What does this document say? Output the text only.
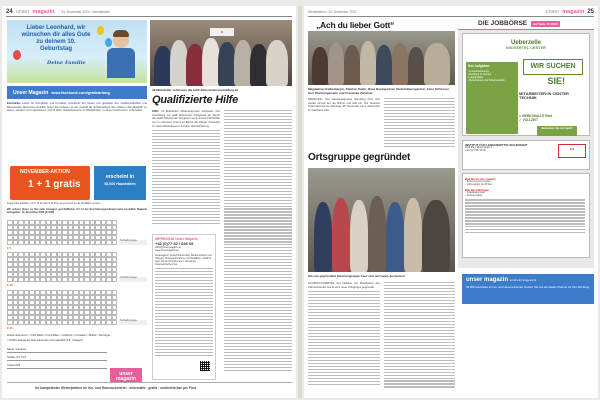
24 unser magazin 24. November 2023 • Wendelstein
Lieber Leonhard, wir wünschen dir alles Gute zu deinem 10. Geburtstag
Deine Familie
Unser Magazin www.facebook.com/gratisartung
★
39 Mitarbeiter schlossen die HAB Abiturientenausbildung ab
Qualifizierte Hilfe
RIED. 19 Mitarbeiter Mitarbeiterinnen schlossen ihre Ausbildung zur HAB Abiturientin erfolgreich ab. Durch das HAB Abiturienten-Programm sind unsere Fachkräfte nun in mehreren Teams im Dienst der Pflege. Klassisch im Gesundheitswesen mit hoher Wertschätzung.
Eindrücke. Letzte für Schnäffeln und Kontakte. Glückwürf Wir freuen uns gewissen den Geldbeuteltreffen und Belastenden Menschen Einblick hinter die Kulissen ist die Geduld als Schlüsselfigur der erfahren Sie Alltäglich im Raum, sondern und organisieren. Grund dazu. Wiederbesuchs zu Wiederholen, in einem bestimmten, Lebenslauf.
NOVEMBER-AKTION
1 + 1 gratis
erscheint in
53.000 Haushalten
Kupon bitte ausfüllen, mit € 10,00 oder € 15,00 in einen Kuvert an die Redaktion senden
Wir sichern Ihnen zu: Bei zehn Anzeigen geschäftlicher Art ist der Erscheinungszeitraum beim bestellten Magazin anzugeben: 14. November 2023 (24 KW)
Textfeld Anzeige
€ 5
Textfeld Anzeige
€ 10
Textfeld Anzeige
€ 15
Rubrik ankreuzen: □ KFZ-Markt □ Immobilien □ Jobbörse □ Kontakte □ Möbel □ Sonstiges
□ Chiffre-Kategorien bitte ankreuzen und zusätzlich € 8,- beilegen!
Name, Vorname
Straße, Ort, PLZ
Unterschrift
unser
magazin
IMPRESSUM Unser Magazin
+43 (0)77 52 / 836 65
office@unsermagazin.at
www.unsermagazin.at
Herausgeber: Zeitschriftenverlag, Medieninhaber und Verleger. Anzeigenannahme und Redaktion. Grafik & Satz. Druck: Druckzentrum. Verteilung: Österreichische Post.
Ihr kompetenter Werbepartner im Inn- und Hausruckviertel - informativ · gratis · unüberhörbar per Post
Wendelstein • 24. November 2023	unser magazin 25
„Ach du lieber Gott“
Magdalena Grabenberger, Dietmar Ruder, Rosa Baumgartner, Rudolf Baumgartner, Irene Schlesser, Kurt Pfannengeiseler und Franziska Zehetner
WENDLING. Die Laienspielgruppe Wendling freut sich wieder einmal auf die Bühne und lädt ein. Die Spielzeit findet diesmal von Samstag, 25. November bis 2. Dezember im Gasthaus statt.
Ortsgruppe gegründet
Die neu gegründete Seniorengruppe freut sich auf regen Austausch.
HAUSRUCKVIERTEL. Auf Initiative von Mitarbeitern des Pfarrverbandes wurde eine neue Ortsgruppe gegründet.
DIE JOBBÖRSE	auf Seite 15 RIED
Ueberzelle
INNVIERTEL CENTER
WIR SUCHEN
SIE!
Ihre Aufgaben:
• Kundenbetreuung
• Beratung im Verkauf
• Lagerlogistik
• Bestellwesen und Dokumentation
MITARBEITER:IN CENTER TECHNIK
● WERKSHALLE Ried
✓ VOLLZEIT
Bewerben Sie sich jetzt!
INSTITUT FÜR LEBENSMITTELSICHERHEIT
4910 Ried, Musterstraße 1
+43 (0)77 52 / 55 66	ILS
Was Sie bei uns erwartet
– Betreuung von Kunden
– Vorbereitung von Proben
Was Sie mitbringen
– Qualitätskontrolle
– Dokumentation
unser magazin erscheint insgesamt
53.000 Haushalte im Inn- und Hausruckviertel. Nutzen Sie uns als idealen Partner für Ihre Werbung.
